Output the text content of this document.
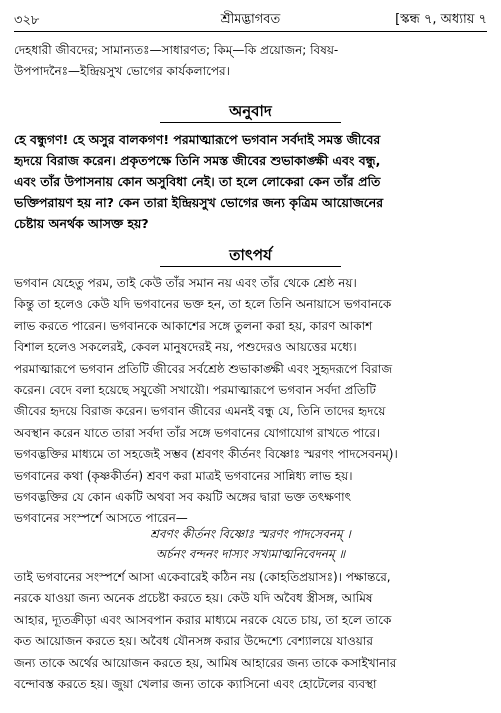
৩২৮	শ্রীমদ্ভাগবত	[স্কন্ধ ৭, অধ্যায় ৭
দেহধারী জীবদের; সামান্যতঃ—সাধারণত; কিম্—কি প্রয়োজন; বিষয়-
উপপাদনৈঃ—ইন্দ্রিয়সুখ ভোগের কার্যকলাপের।
অনুবাদ
হে বন্ধুগণ! হে অসুর বালকগণ! পরমাত্মারূপে ভগবান সর্বদাই সমস্ত জীবের
হৃদয়ে বিরাজ করেন। প্রকৃতপক্ষে তিনি সমস্ত জীবের শুভাকাঙ্ক্ষী এবং বন্ধু,
এবং তাঁর উপাসনায় কোন অসুবিধা নেই। তা হলে লোকেরা কেন তাঁর প্রতি
ভক্তিপরায়ণ হয় না? কেন তারা ইন্দ্রিয়সুখ ভোগের জন্য কৃত্রিম আয়োজনের
চেষ্টায় অনর্থক আসক্ত হয়?
তাৎপর্য
ভগবান যেহেতু পরম, তাই কেউ তাঁর সমান নয় এবং তাঁর থেকে শ্রেষ্ঠ নয়।
কিন্তু তা হলেও কেউ যদি ভগবানের ভক্ত হন, তা হলে তিনি অনায়াসে ভগবানকে
লাভ করতে পারেন। ভগবানকে আকাশের সঙ্গে তুলনা করা হয়, কারণ আকাশ
বিশাল হলেও সকলেরই, কেবল মানুষদেরই নয়, পশুদেরও আয়ত্তের মধ্যে।
পরমাত্মারূপে ভগবান প্রতিটি জীবের সর্বশ্রেষ্ঠ শুভাকাঙ্ক্ষী এবং সুহৃদরূপে বিরাজ
করেন। বেদে বলা হয়েছে সযুজৌ সখায়ৌ। পরমাত্মারূপে ভগবান সর্বদা প্রতিটি
জীবের হৃদয়ে বিরাজ করেন। ভগবান জীবের এমনই বন্ধু যে, তিনি তাদের হৃদয়ে
অবস্থান করেন যাতে তারা সর্বদা তাঁর সঙ্গে ভগবানের যোগাযোগ রাখতে পারে।
ভগবদ্ভক্তির মাধ্যমে তা সহজেই সম্ভব (শ্রবণং কীর্তনং বিষ্ণোঃ স্মরণং পাদসেবনম্)।
ভগবানের কথা (কৃষ্ণকীর্তন) শ্রবণ করা মাত্রই ভগবানের সান্নিধ্য লাভ হয়।
ভগবদ্ভক্তির যে কোন একটি অথবা সব কয়টি অঙ্গের দ্বারা ভক্ত তৎক্ষণাৎ
ভগবানের সংস্পর্শে আসতে পারেন—
শ্রবণং কীর্তনং বিষ্ণোঃ স্মরণং পাদসেবনম্ ।
অর্চনং বন্দনং দাস্যং সখ্যমাত্মনিবেদনম্ ॥
তাই ভগবানের সংস্পর্শে আসা একেবারেই কঠিন নয় (কোহতিপ্রয়াসঃ)। পক্ষান্তরে,
নরকে যাওয়া জন্য অনেক প্রচেষ্টা করতে হয়। কেউ যদি অবৈধ স্ত্রীসঙ্গ, আমিষ
আহার, দ্যূতক্রীড়া এবং আসবপান করার মাধ্যমে নরকে যেতে চায়, তা হলে তাকে
কত আয়োজন করতে হয়। অবৈধ যৌনসঙ্গ করার উদ্দেশ্যে বেশ্যালয়ে যাওয়ার
জন্য তাকে অর্থের আয়োজন করতে হয়, আমিষ আহারের জন্য তাকে কসাইখানার
বন্দোবস্ত করতে হয়। জুয়া খেলার জন্য তাকে ক্যাসিনো এবং হোটেলের ব্যবস্থা
